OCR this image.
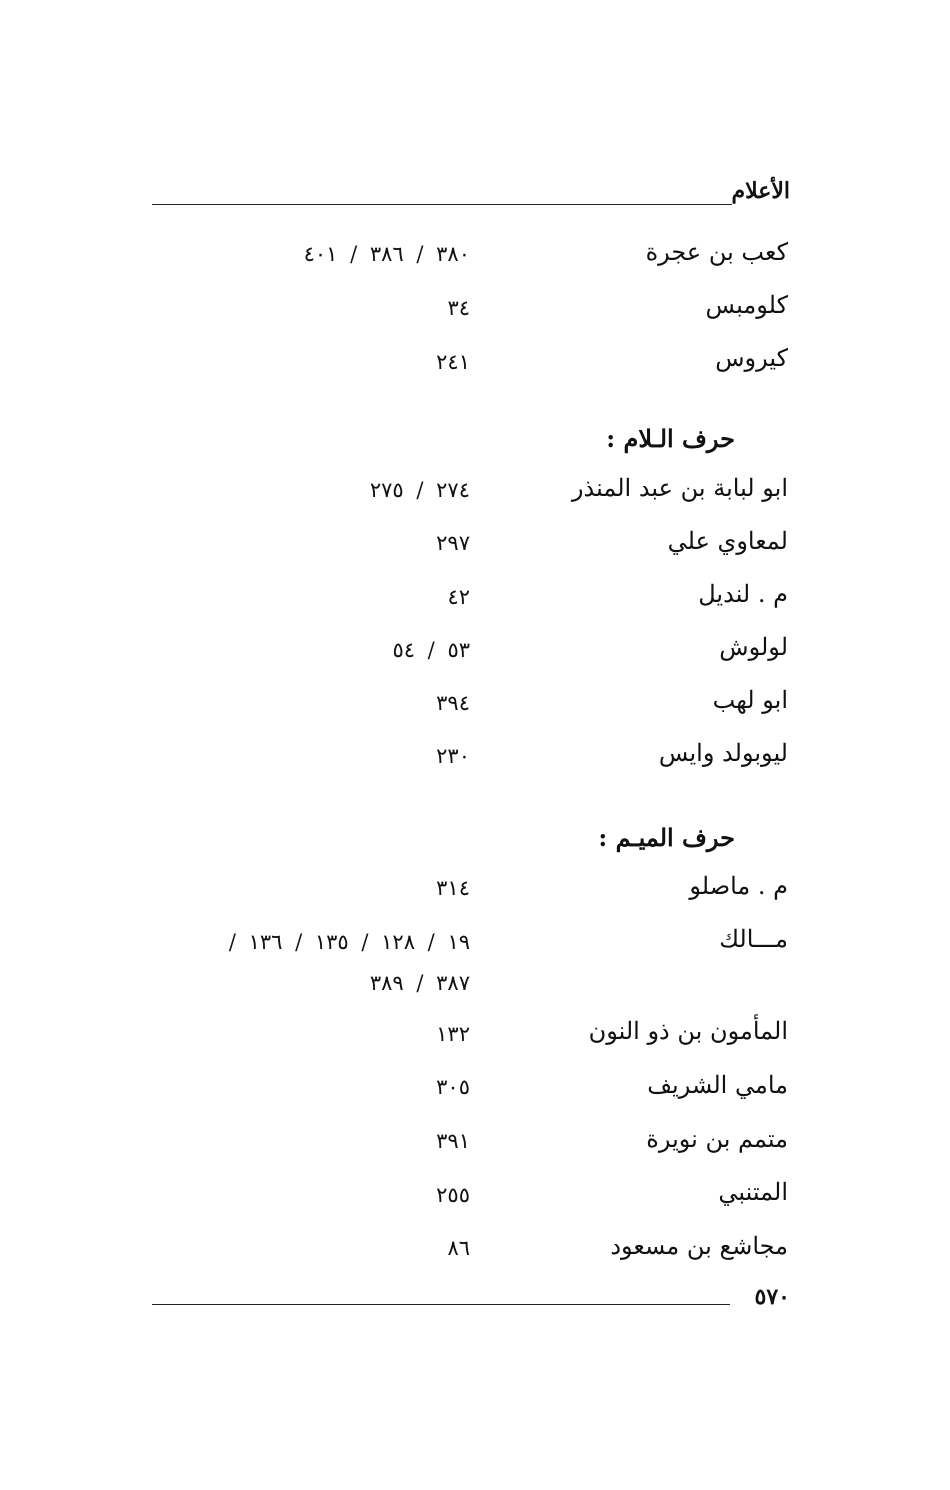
الأعلام
كعب بن عجرة
٣٨٠ / ٣٨٦ / ٤٠١
كلومبس
٣٤
كيروس
٢٤١
حرف الـلام :
ابو لبابة بن عبد المنذر
٢٧٤ / ٢٧٥
لمعاوي علي
٢٩٧
م . لنديل
٤٢
لولوش
٥٣ / ٥٤
ابو لهب
٣٩٤
ليوبولد وايس
٢٣٠
حرف الميـم :
م . ماصلو
٣١٤
مـــالك
١٩ / ١٢٨ / ١٣٥ / ١٣٦ /
٣٨٧ / ٣٨٩
المأمون بن ذو النون
١٣٢
مامي الشريف
٣٠٥
متمم بن نويرة
٣٩١
المتنبي
٢٥٥
مجاشع بن مسعود
٨٦
٥٧٠
